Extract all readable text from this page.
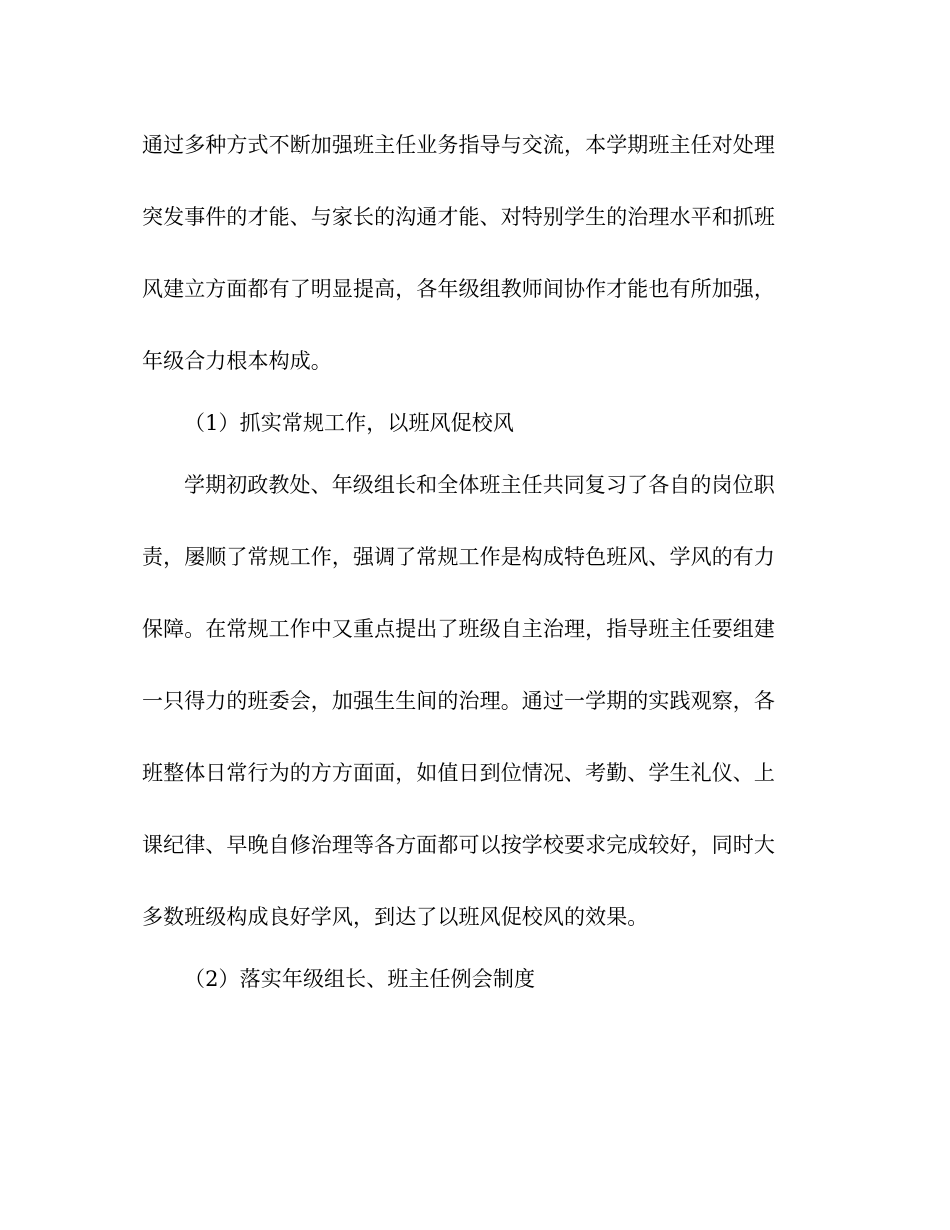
通过多种方式不断加强班主任业务指导与交流，本学期班主任对处理
突发事件的才能、与家长的沟通才能、对特别学生的治理水平和抓班
风建立方面都有了明显提高，各年级组教师间协作才能也有所加强，
年级合力根本构成。
（1）抓实常规工作，以班风促校风
学期初政教处、年级组长和全体班主任共同复习了各自的岗位职
责，屡顺了常规工作，强调了常规工作是构成特色班风、学风的有力
保障。在常规工作中又重点提出了班级自主治理，指导班主任要组建
一只得力的班委会，加强生生间的治理。通过一学期的实践观察，各
班整体日常行为的方方面面，如值日到位情况、考勤、学生礼仪、上
课纪律、早晚自修治理等各方面都可以按学校要求完成较好，同时大
多数班级构成良好学风，到达了以班风促校风的效果。
（2）落实年级组长、班主任例会制度
